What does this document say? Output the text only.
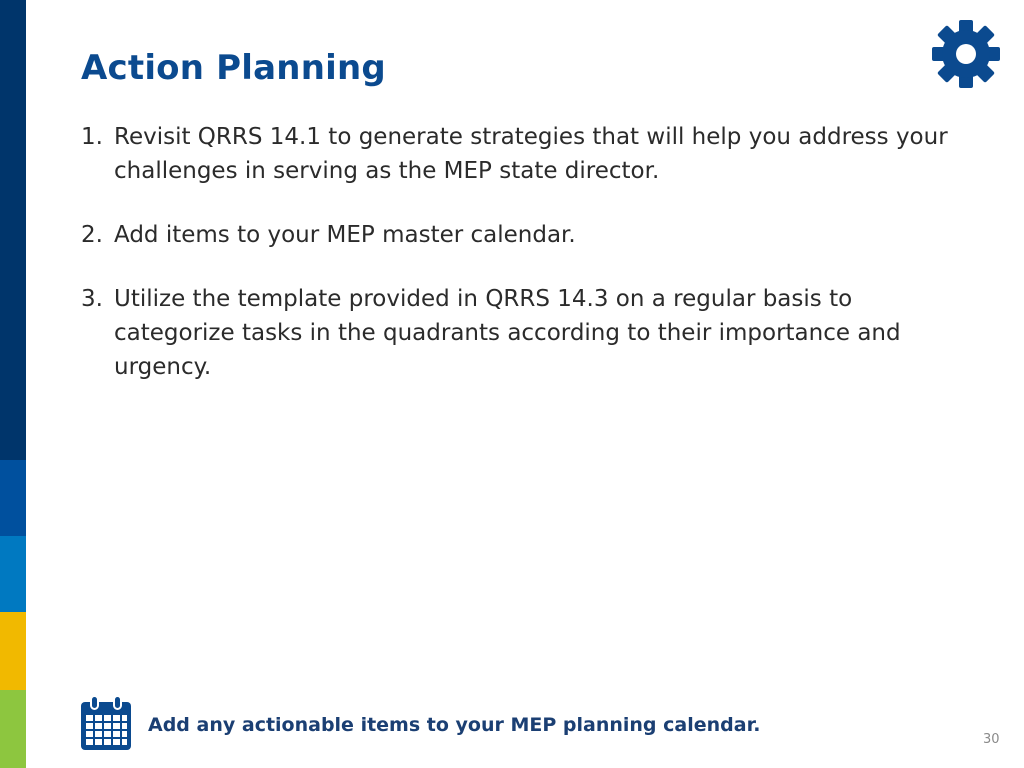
Action Planning
1. Revisit QRRS 14.1 to generate strategies that will help you address your challenges in serving as the MEP state director.
2. Add items to your MEP master calendar.
3. Utilize the template provided in QRRS 14.3 on a regular basis to categorize tasks in the quadrants according to their importance and urgency.
Add any actionable items to your MEP planning calendar.
30
